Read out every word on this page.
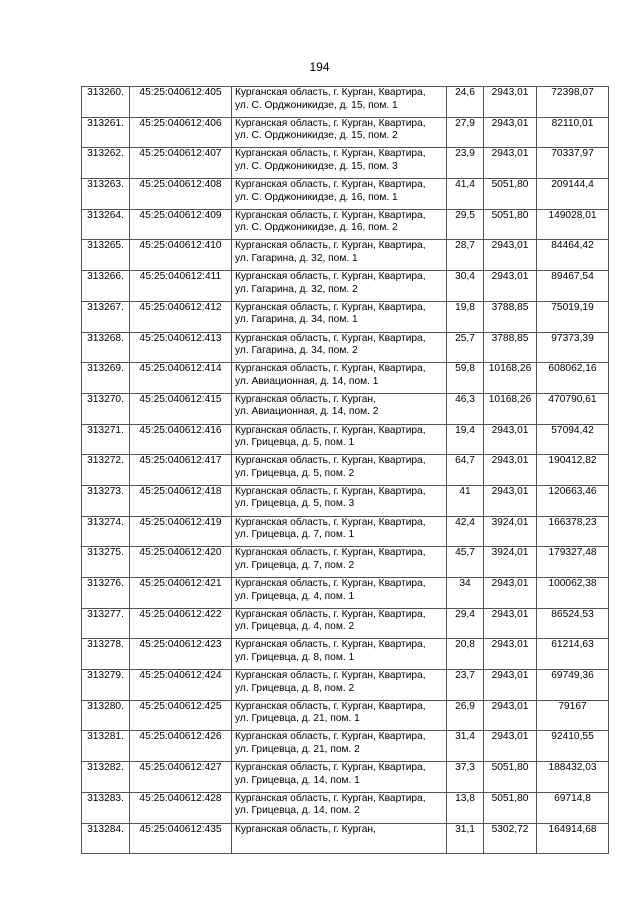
194
313260.	45:25:040612:405	Курганская область, г. Курган, Квартира,
ул. С. Орджоникидзе, д. 15, пом. 1	24,6	2943,01	72398,07
313261.	45:25:040612:406	Курганская область, г. Курган, Квартира,
ул. С. Орджоникидзе, д. 15, пом. 2	27,9	2943,01	82110,01
313262.	45:25:040612:407	Курганская область, г. Курган, Квартира,
ул. С. Орджоникидзе, д. 15, пом. 3	23,9	2943,01	70337,97
313263.	45:25:040612:408	Курганская область, г. Курган, Квартира,
ул. С. Орджоникидзе, д. 16, пом. 1	41,4	5051,80	209144,4
313264.	45:25:040612:409	Курганская область, г. Курган, Квартира,
ул. С. Орджоникидзе, д. 16, пом. 2	29,5	5051,80	149028,01
313265.	45:25:040612:410	Курганская область, г. Курган, Квартира,
ул. Гагарина, д. 32, пом. 1	28,7	2943,01	84464,42
313266.	45:25:040612:411	Курганская область, г. Курган, Квартира,
ул. Гагарина, д. 32, пом. 2	30,4	2943,01	89467,54
313267.	45:25:040612:412	Курганская область, г. Курган, Квартира,
ул. Гагарина, д. 34, пом. 1	19,8	3788,85	75019,19
313268.	45:25:040612:413	Курганская область, г. Курган, Квартира,
ул. Гагарина, д. 34, пом. 2	25,7	3788,85	97373,39
313269.	45:25:040612:414	Курганская область, г. Курган, Квартира,
ул. Авиационная, д. 14, пом. 1	59,8	10168,26	608062,16
313270.	45:25:040612:415	Курганская область, г. Курган,
ул. Авиационная, д. 14, пом. 2	46,3	10168,26	470790,61
313271.	45:25:040612:416	Курганская область, г. Курган, Квартира,
ул. Грицевца, д. 5, пом. 1	19,4	2943,01	57094,42
313272.	45:25:040612:417	Курганская область, г. Курган, Квартира,
ул. Грицевца, д. 5, пом. 2	64,7	2943,01	190412,82
313273.	45:25:040612:418	Курганская область, г. Курган, Квартира,
ул. Грицевца, д. 5, пом. 3	41	2943,01	120663,46
313274.	45:25:040612:419	Курганская область, г. Курган, Квартира,
ул. Грицевца, д. 7, пом. 1	42,4	3924,01	166378,23
313275.	45:25:040612:420	Курганская область, г. Курган, Квартира,
ул. Грицевца, д. 7, пом. 2	45,7	3924,01	179327,48
313276.	45:25:040612:421	Курганская область, г. Курган, Квартира,
ул. Грицевца, д. 4, пом. 1	34	2943,01	100062,38
313277.	45:25:040612:422	Курганская область, г. Курган, Квартира,
ул. Грицевца, д. 4, пом. 2	29,4	2943,01	86524,53
313278.	45:25:040612:423	Курганская область, г. Курган, Квартира,
ул. Грицевца, д. 8, пом. 1	20,8	2943,01	61214,63
313279.	45:25:040612:424	Курганская область, г. Курган, Квартира,
ул. Грицевца, д. 8, пом. 2	23,7	2943,01	69749,36
313280.	45:25:040612:425	Курганская область, г. Курган, Квартира,
ул. Грицевца, д. 21, пом. 1	26,9	2943,01	79167
313281.	45:25:040612:426	Курганская область, г. Курган, Квартира,
ул. Грицевца, д. 21, пом. 2	31,4	2943,01	92410,55
313282.	45:25:040612:427	Курганская область, г. Курган, Квартира,
ул. Грицевца, д. 14, пом. 1	37,3	5051,80	188432,03
313283.	45:25:040612:428	Курганская область, г. Курган, Квартира,
ул. Грицевца, д. 14, пом. 2	13,8	5051,80	69714,8
313284.	45:25:040612:435	Курганская область, г. Курган,	31,1	5302,72	164914,68
